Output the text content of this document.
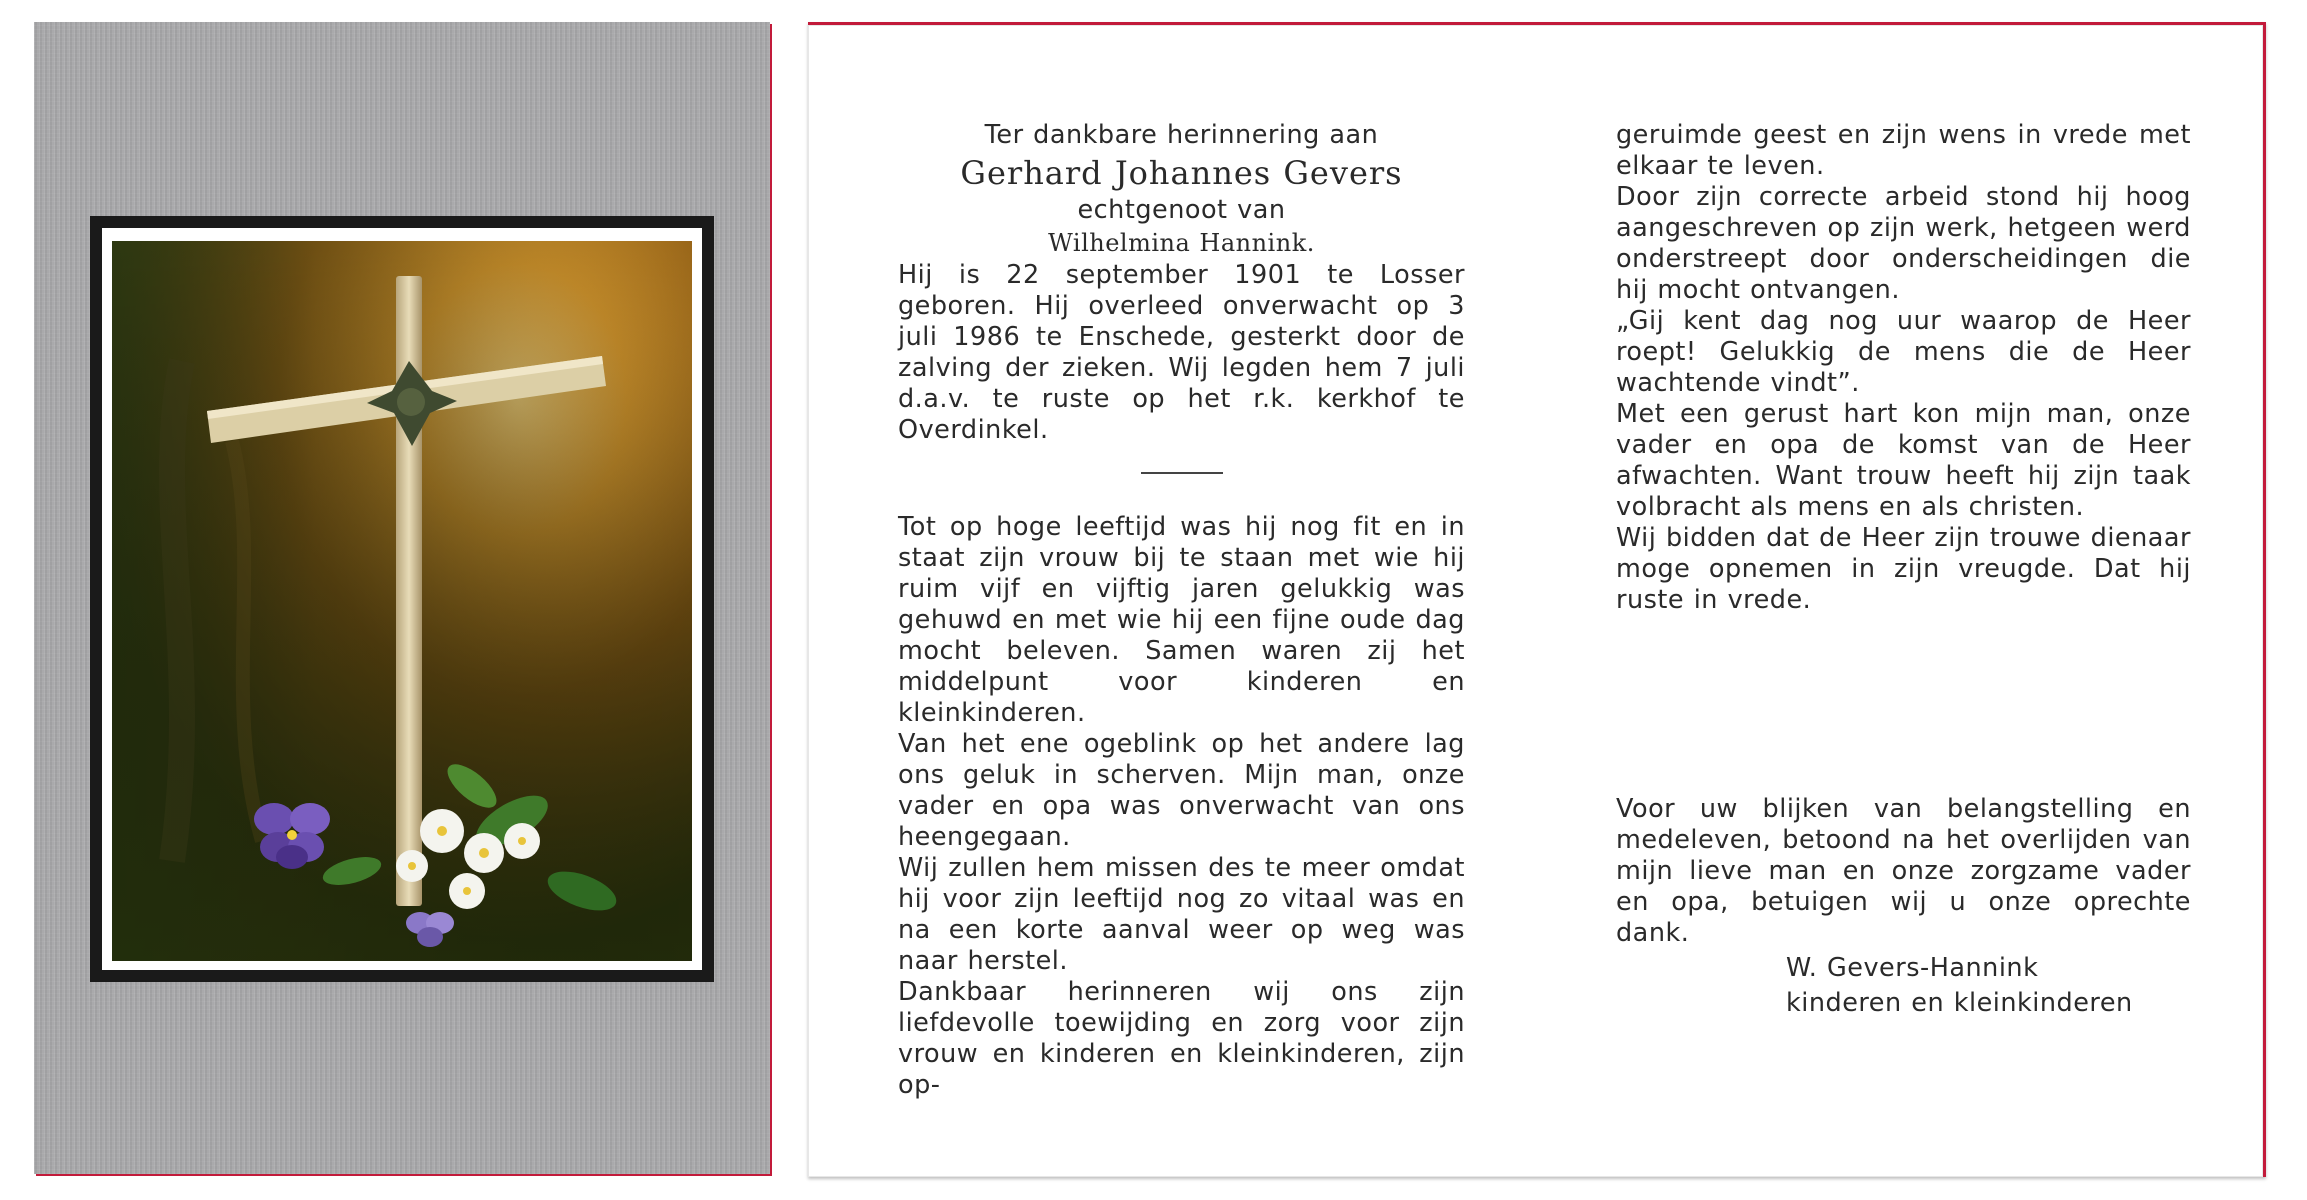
Ter dankbare herinnering aan
Gerhard Johannes Gevers
echtgenoot van
Wilhelmina Hannink.

Hij is 22 september 1901 te Losser geboren. Hij overleed onverwacht op 3 juli 1986 te Enschede, gesterkt door de zalving der zieken. Wij legden hem 7 juli d.a.v. te ruste op het r.k. kerkhof te Overdinkel.

Tot op hoge leeftijd was hij nog fit en in staat zijn vrouw bij te staan met wie hij ruim vijf en vijftig jaren gelukkig was gehuwd en met wie hij een fijne oude dag mocht beleven. Samen waren zij het middelpunt voor kinderen en kleinkinderen.

Van het ene ogeblink op het andere lag ons geluk in scherven. Mijn man, onze vader en opa was onverwacht van ons heengegaan.

Wij zullen hem missen des te meer omdat hij voor zijn leeftijd nog zo vitaal was en na een korte aanval weer op weg was naar herstel.

Dankbaar herinneren wij ons zijn liefdevolle toewijding en zorg voor zijn vrouw en kinderen en kleinkinderen, zijn op-

geruimde geest en zijn wens in vrede met elkaar te leven.

Door zijn correcte arbeid stond hij hoog aangeschreven op zijn werk, hetgeen werd onderstreept door onderscheidingen die hij mocht ontvangen.

„Gij kent dag nog uur waarop de Heer roept! Gelukkig de mens die de Heer wachtende vindt”.

Met een gerust hart kon mijn man, onze vader en opa de komst van de Heer afwachten. Want trouw heeft hij zijn taak volbracht als mens en als christen.

Wij bidden dat de Heer zijn trouwe dienaar moge opnemen in zijn vreugde. Dat hij ruste in vrede.

Voor uw blijken van belangstelling en medeleven, betoond na het overlijden van mijn lieve man en onze zorgzame vader en opa, betuigen wij u onze oprechte dank.

W. Gevers-Hannink
kinderen en kleinkinderen
